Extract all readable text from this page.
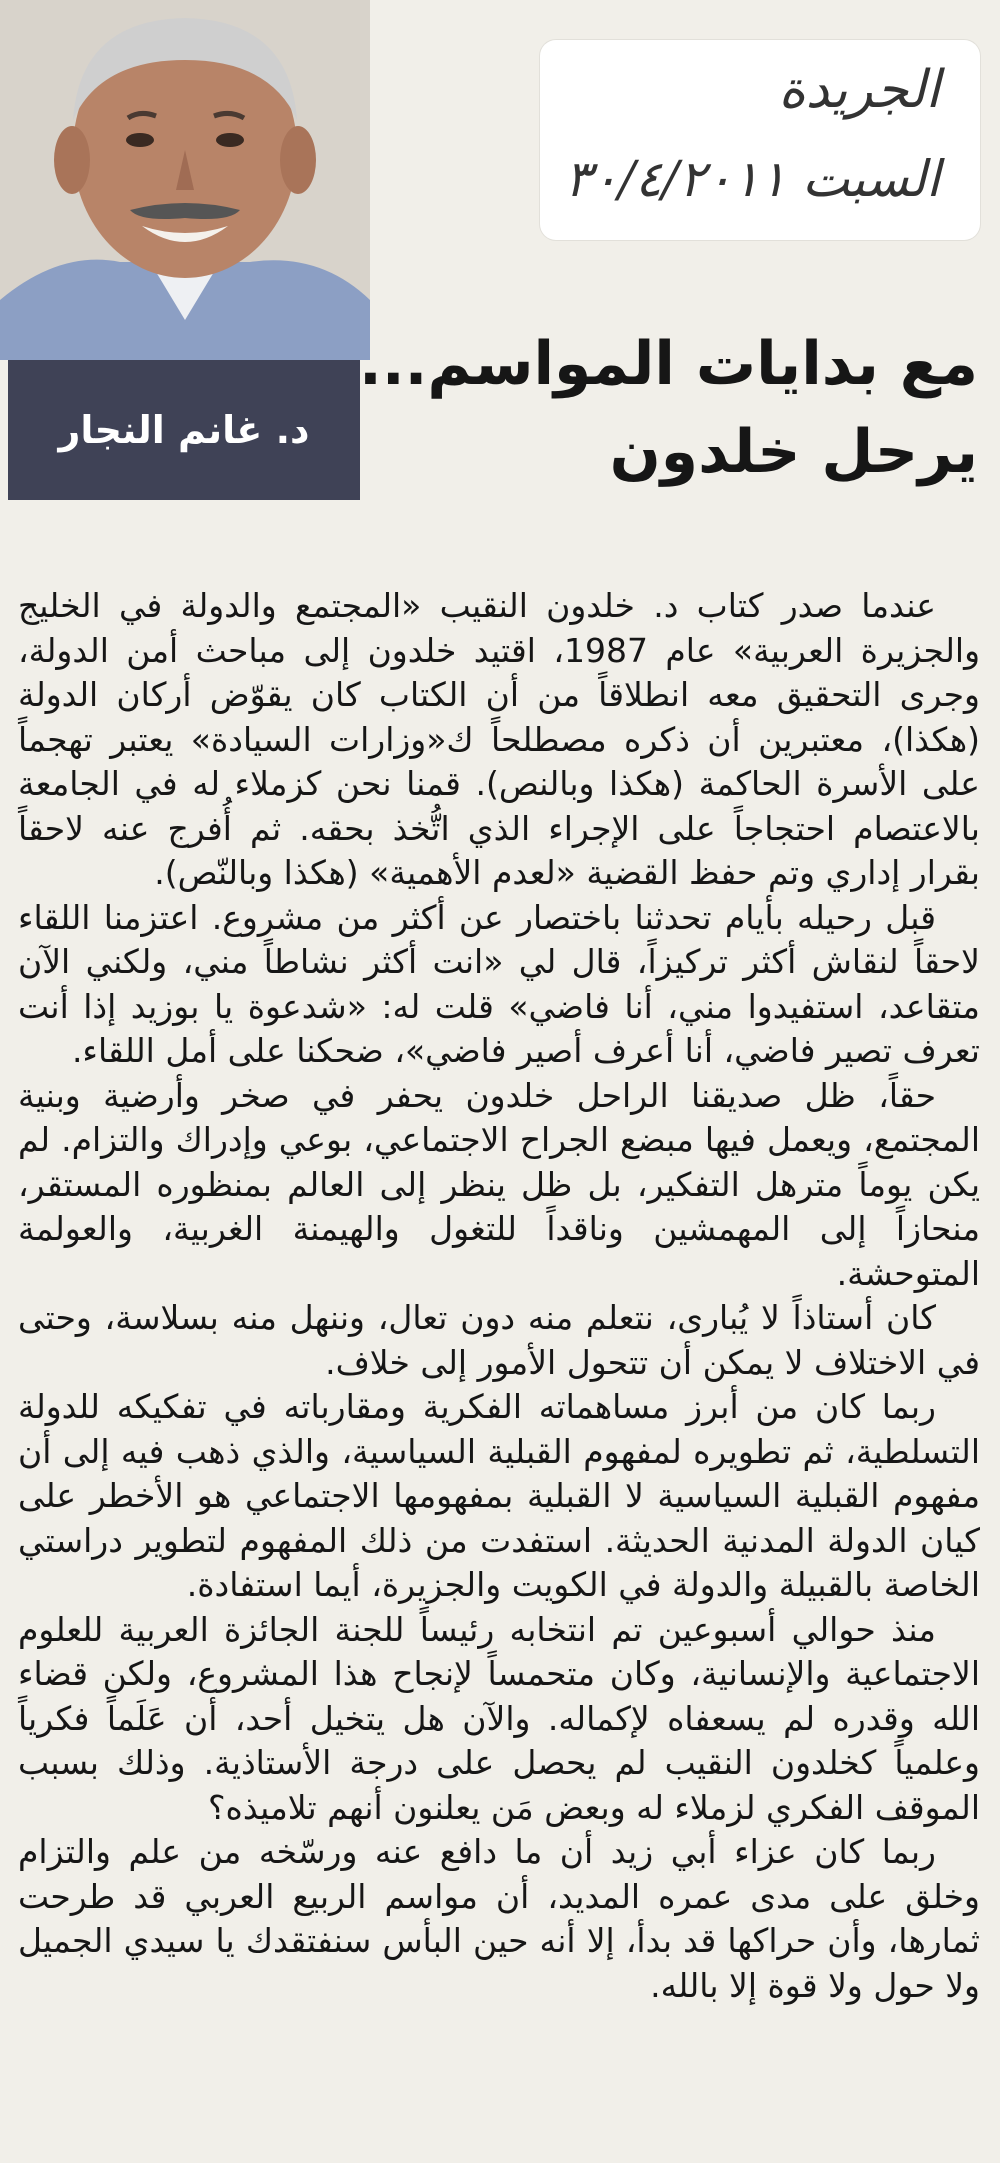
د. غانم النجار
الجريدة
السبت ٣٠/٤/٢٠١١
مع بدايات المواسم...
يرحل خلدون

عندما صدر كتاب د. خلدون النقيب «المجتمع والدولة في الخليج والجزيرة العربية» عام 1987، اقتيد خلدون إلى مباحث أمن الدولة، وجرى التحقيق معه انطلاقاً من أن الكتاب كان يقوّض أركان الدولة (هكذا)، معتبرين أن ذكره مصطلحاً ك«وزارات السيادة» يعتبر تهجماً على الأسرة الحاكمة (هكذا وبالنص). قمنا نحن كزملاء له في الجامعة بالاعتصام احتجاجاً على الإجراء الذي اتُّخذ بحقه. ثم أُفرج عنه لاحقاً بقرار إداري وتم حفظ القضية «لعدم الأهمية» (هكذا وبالنّص).

قبل رحيله بأيام تحدثنا باختصار عن أكثر من مشروع. اعتزمنا اللقاء لاحقاً لنقاش أكثر تركيزاً، قال لي «انت أكثر نشاطاً مني، ولكني الآن متقاعد، استفيدوا مني، أنا فاضي» قلت له: «شدعوة يا بوزيد إذا أنت تعرف تصير فاضي، أنا أعرف أصير فاضي»، ضحكنا على أمل اللقاء.

حقاً، ظل صديقنا الراحل خلدون يحفر في صخر وأرضية وبنية المجتمع، ويعمل فيها مبضع الجراح الاجتماعي، بوعي وإدراك والتزام. لم يكن يوماً مترهل التفكير، بل ظل ينظر إلى العالم بمنظوره المستقر، منحازاً إلى المهمشين وناقداً للتغول والهيمنة الغربية، والعولمة المتوحشة.

كان أستاذاً لا يُبارى، نتعلم منه دون تعال، وننهل منه بسلاسة، وحتى في الاختلاف لا يمكن أن تتحول الأمور إلى خلاف.

ربما كان من أبرز مساهماته الفكرية ومقارباته في تفكيكه للدولة التسلطية، ثم تطويره لمفهوم القبلية السياسية، والذي ذهب فيه إلى أن مفهوم القبلية السياسية لا القبلية بمفهومها الاجتماعي هو الأخطر على كيان الدولة المدنية الحديثة. استفدت من ذلك المفهوم لتطوير دراستي الخاصة بالقبيلة والدولة في الكويت والجزيرة، أيما استفادة.

منذ حوالي أسبوعين تم انتخابه رئيساً للجنة الجائزة العربية للعلوم الاجتماعية والإنسانية، وكان متحمساً لإنجاح هذا المشروع، ولكن قضاء الله وقدره لم يسعفاه لإكماله. والآن هل يتخيل أحد، أن عَلَماً فكرياً وعلمياً كخلدون النقيب لم يحصل على درجة الأستاذية. وذلك بسبب الموقف الفكري لزملاء له وبعض مَن يعلنون أنهم تلاميذه؟

ربما كان عزاء أبي زيد أن ما دافع عنه ورسّخه من علم والتزام وخلق على مدى عمره المديد، أن مواسم الربيع العربي قد طرحت ثمارها، وأن حراكها قد بدأ، إلا أنه حين البأس سنفتقدك يا سيدي الجميل ولا حول ولا قوة إلا بالله.
